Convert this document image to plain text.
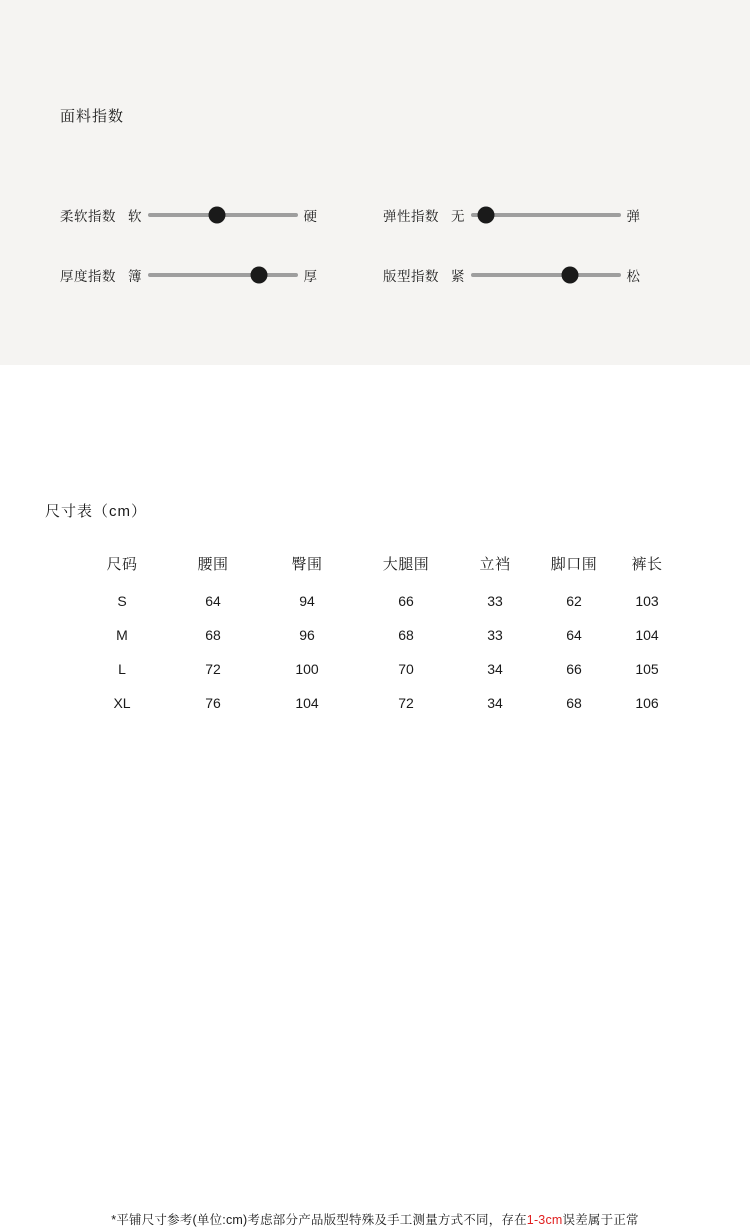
面料指数
柔软指数 软	硬	弹性指数 无	弹
厚度指数 簿	厚	版型指数 紧	松
尺寸表（cm）
尺码	腰围	臀围	大腿围	立裆	脚口围	裤长
S	64	94	66	33	62	103
M	68	96	68	33	64	104
L	72	100	70	34	66	105
XL	76	104	72	34	68	106
*平铺尺寸参考(单位:cm)考虑部分产品版型特殊及手工测量方式不同，存在1-3cm误差属于正常
